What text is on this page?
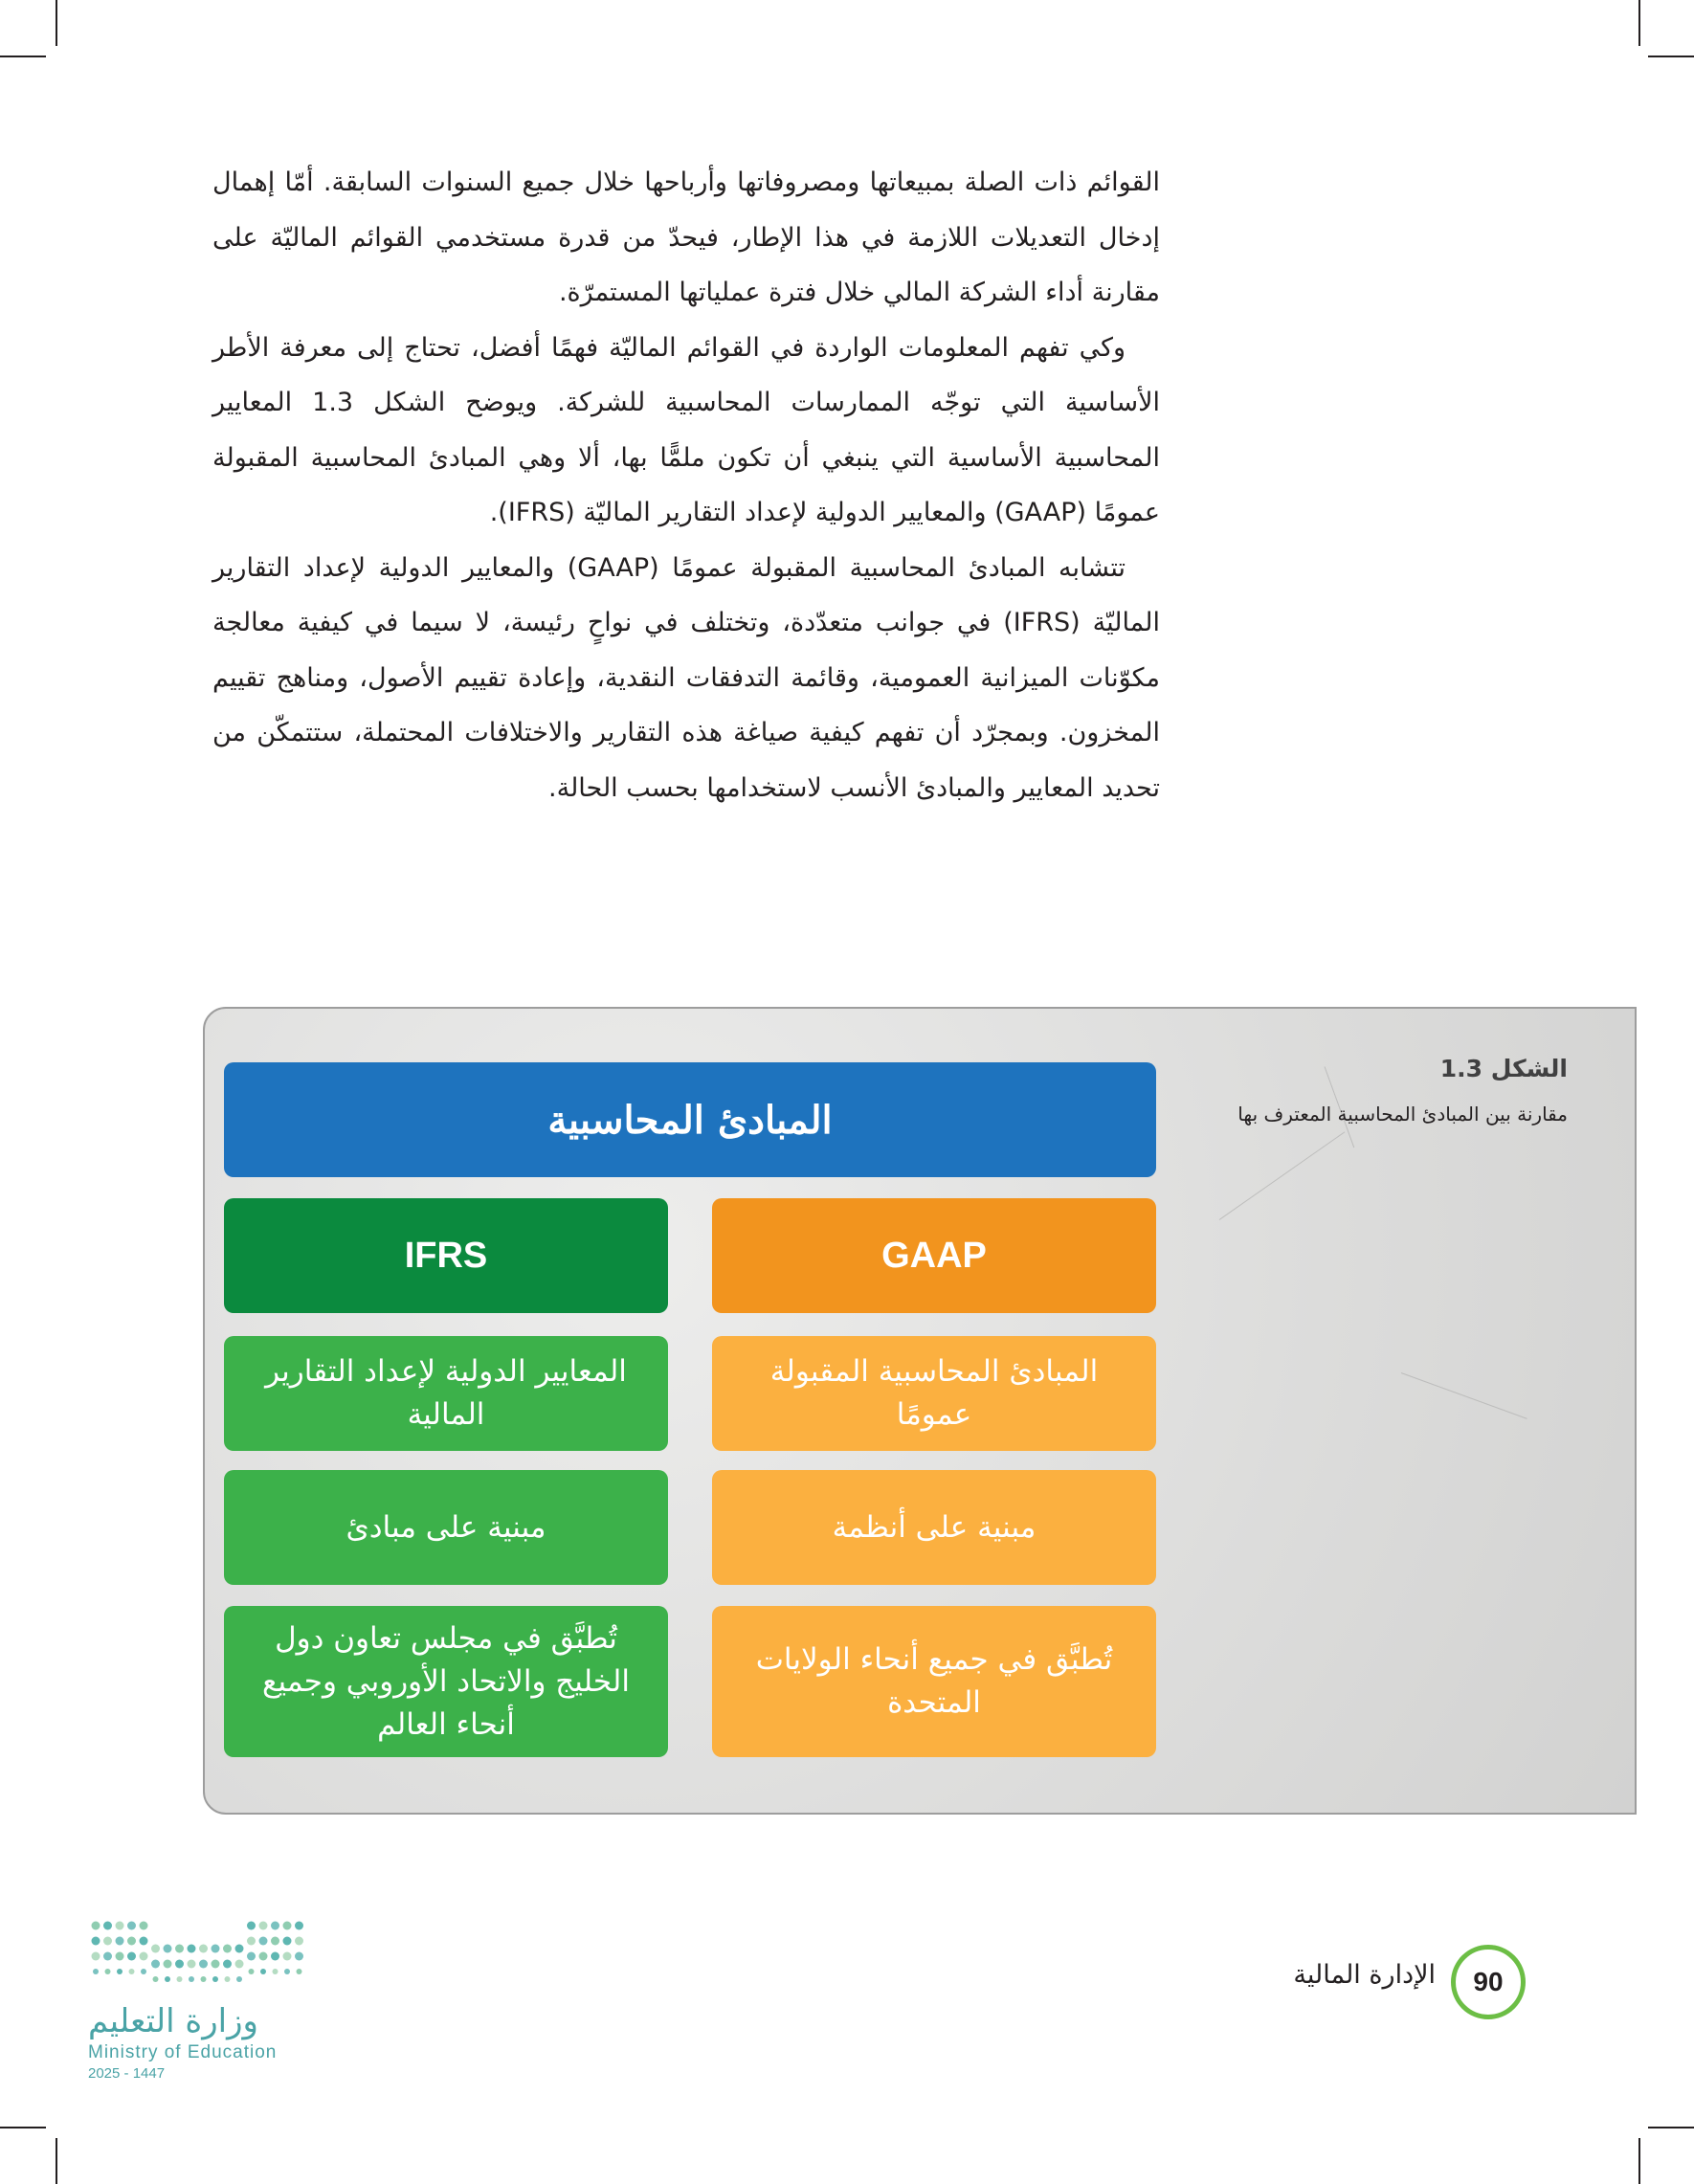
القوائم ذات الصلة بمبيعاتها ومصروفاتها وأرباحها خلال جميع السنوات السابقة. أمّا إهمال إدخال التعديلات اللازمة في هذا الإطار، فيحدّ من قدرة مستخدمي القوائم الماليّة على مقارنة أداء الشركة المالي خلال فترة عملياتها المستمرّة.

وكي تفهم المعلومات الواردة في القوائم الماليّة فهمًا أفضل، تحتاج إلى معرفة الأطر الأساسية التي توجّه الممارسات المحاسبية للشركة. ويوضح الشكل 1.3 المعايير المحاسبية الأساسية التي ينبغي أن تكون ملمًّا بها، ألا وهي المبادئ المحاسبية المقبولة عمومًا (GAAP) والمعايير الدولية لإعداد التقارير الماليّة (IFRS).

تتشابه المبادئ المحاسبية المقبولة عمومًا (GAAP) والمعايير الدولية لإعداد التقارير الماليّة (IFRS) في جوانب متعدّدة، وتختلف في نواحٍ رئيسة، لا سيما في كيفية معالجة مكوّنات الميزانية العمومية، وقائمة التدفقات النقدية، وإعادة تقييم الأصول، ومناهج تقييم المخزون. وبمجرّد أن تفهم كيفية صياغة هذه التقارير والاختلافات المحتملة، ستتمكّن من تحديد المعايير والمبادئ الأنسب لاستخدامها بحسب الحالة.

المبادئ المحاسبية
IFRS	GAAP
المعايير الدولية لإعداد التقارير المالية
المبادئ المحاسبية المقبولة عمومًا
مبنية على مبادئ	مبنية على أنظمة
تُطبَّق في مجلس تعاون دول الخليج والاتحاد الأوروبي وجميع أنحاء العالم
تُطبَّق في جميع أنحاء الولايات المتحدة
الشكل 1.3
مقارنة بين المبادئ المحاسبية المعترف بها
90
الإدارة المالية
وزارة التعليم
Ministry of Education
2025 - 1447
